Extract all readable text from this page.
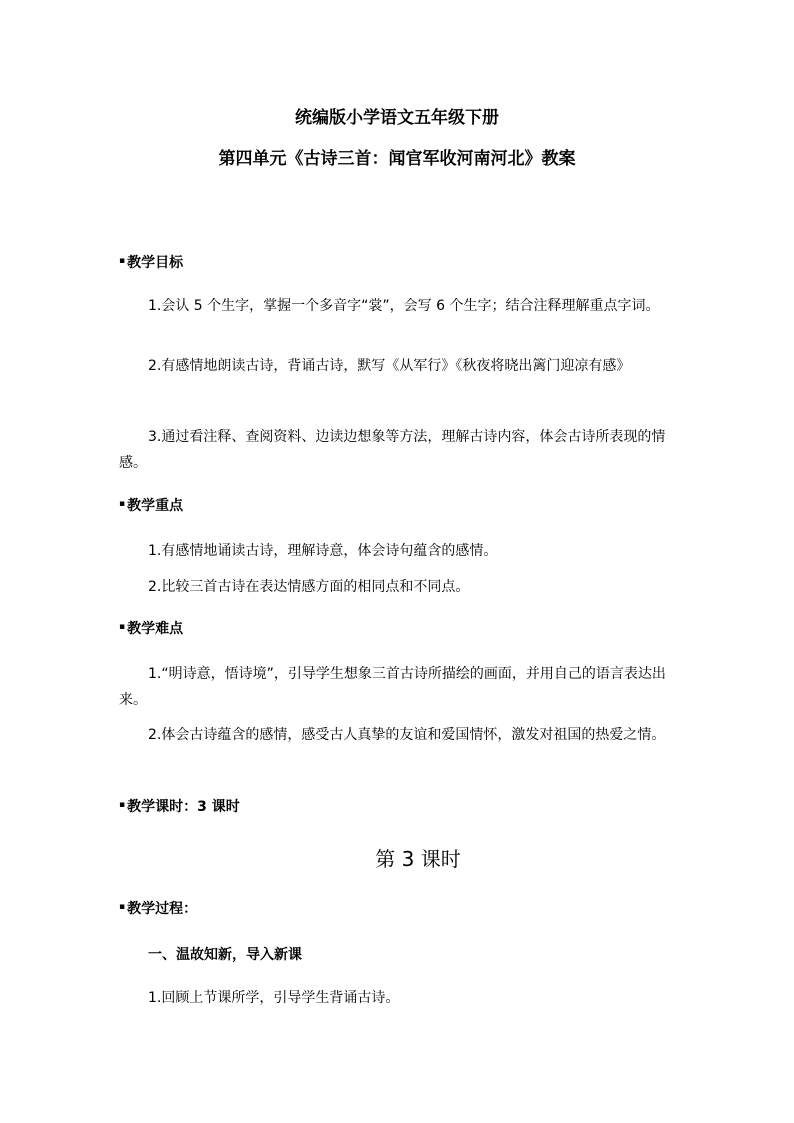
统编版小学语文五年级下册
第四单元《古诗三首：闻官军收河南河北》教案
▪ 教学目标
1.会认 5 个生字，掌握一个多音字“裳”，会写 6 个生字；结合注释理解重点字词。
2.有感情地朗读古诗，背诵古诗，默写《从军行》《秋夜将晓出篱门迎凉有感》
3.通过看注释、查阅资料、边读边想象等方法，理解古诗内容，体会古诗所表现的情感。
▪ 教学重点
1.有感情地诵读古诗，理解诗意，体会诗句蕴含的感情。
2.比较三首古诗在表达情感方面的相同点和不同点。
▪ 教学难点
1.“明诗意，悟诗境”，引导学生想象三首古诗所描绘的画面，并用自己的语言表达出来。
2.体会古诗蕴含的感情，感受古人真挚的友谊和爱国情怀，激发对祖国的热爱之情。
▪ 教学课时：3 课时
第 3 课时
▪ 教学过程：
一、温故知新，导入新课
1.回顾上节课所学，引导学生背诵古诗。
